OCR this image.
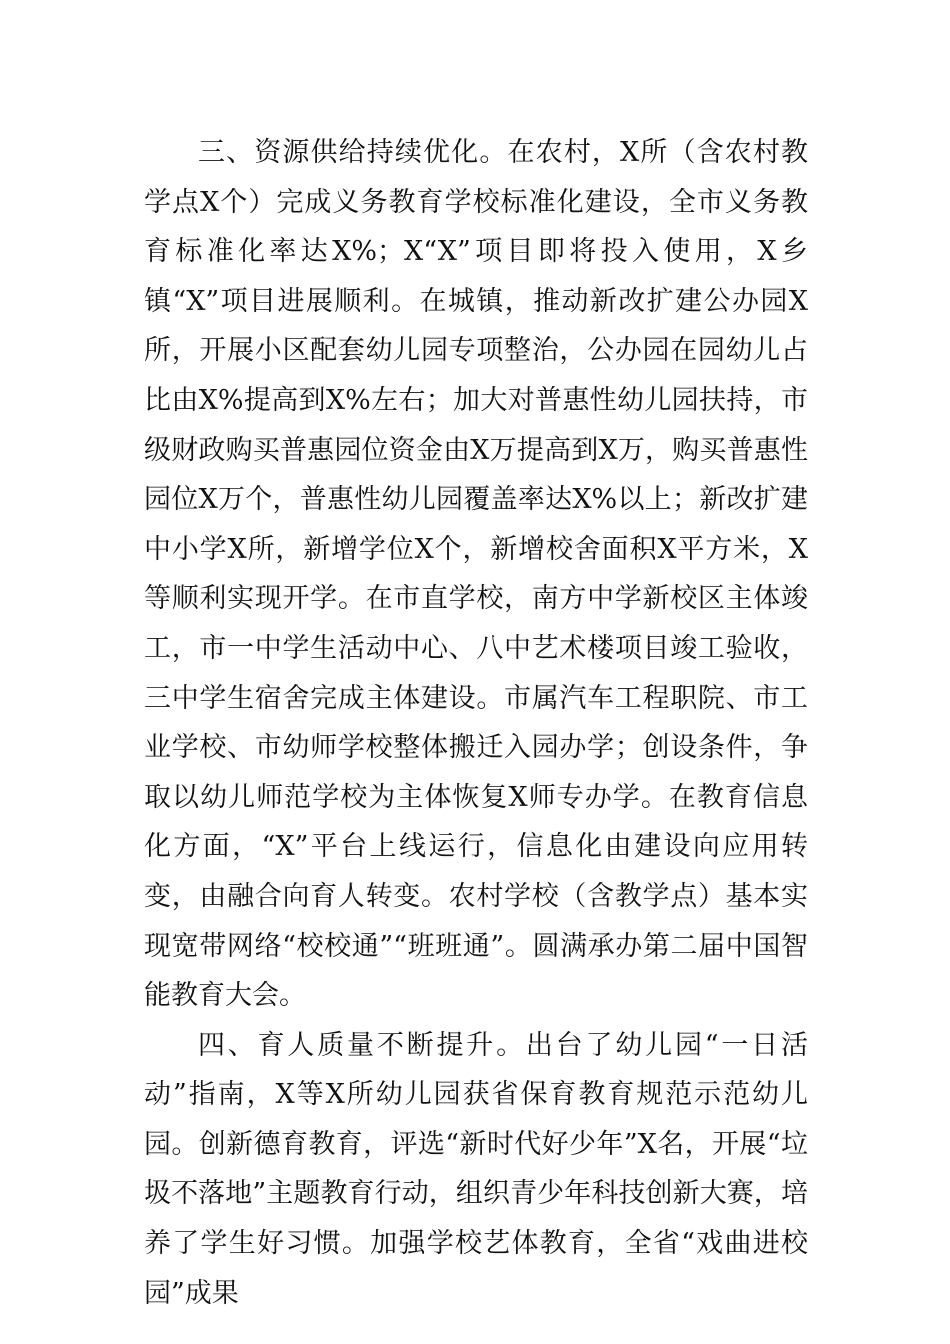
三、资源供给持续优化。在农村，X所（含农村教学点X个）完成义务教育学校标准化建设，全市义务教育标准化率达X%；X“X”项目即将投入使用，X乡镇“X”项目进展顺利。在城镇，推动新改扩建公办园X所，开展小区配套幼儿园专项整治，公办园在园幼儿占比由X%提高到X%左右；加大对普惠性幼儿园扶持，市级财政购买普惠园位资金由X万提高到X万，购买普惠性园位X万个，普惠性幼儿园覆盖率达X%以上；新改扩建中小学X所，新增学位X个，新增校舍面积X平方米，X等顺利实现开学。在市直学校，南方中学新校区主体竣工，市一中学生活动中心、八中艺术楼项目竣工验收，三中学生宿舍完成主体建设。市属汽车工程职院、市工业学校、市幼师学校整体搬迁入园办学；创设条件，争取以幼儿师范学校为主体恢复X师专办学。在教育信息化方面，“X”平台上线运行，信息化由建设向应用转变，由融合向育人转变。农村学校（含教学点）基本实现宽带网络“校校通”“班班通”。圆满承办第二届中国智能教育大会。

四、育人质量不断提升。出台了幼儿园“一日活动”指南，X等X所幼儿园获省保育教育规范示范幼儿园。创新德育教育，评选“新时代好少年”X名，开展“垃圾不落地”主题教育行动，组织青少年科技创新大赛，培养了学生好习惯。加强学校艺体教育，全省“戏曲进校园”成果
